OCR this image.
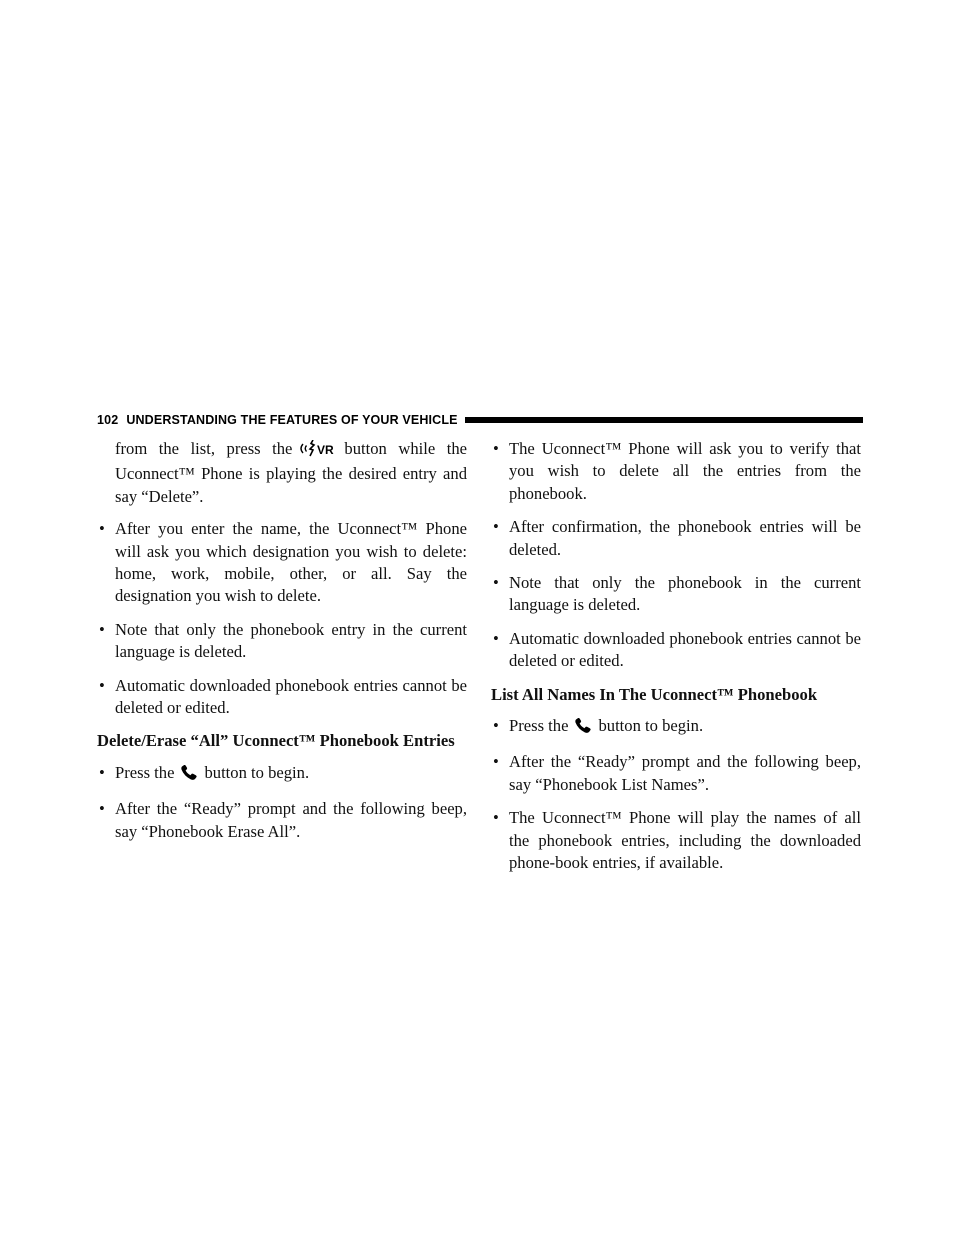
102 UNDERSTANDING THE FEATURES OF YOUR VEHICLE

from the list, press the VR button while the Uconnect™ Phone is playing the desired entry and say “Delete”.

• After you enter the name, the Uconnect™ Phone will ask you which designation you wish to delete: home, work, mobile, other, or all. Say the designation you wish to delete.
• Note that only the phonebook entry in the current language is deleted.
• Automatic downloaded phonebook entries cannot be deleted or edited.
Delete/Erase “All” Uconnect™ Phonebook Entries
• Press the button to begin.
• After the “Ready” prompt and the following beep, say “Phonebook Erase All”.
• The Uconnect™ Phone will ask you to verify that you wish to delete all the entries from the phonebook.
• After confirmation, the phonebook entries will be deleted.
• Note that only the phonebook in the current language is deleted.
• Automatic downloaded phonebook entries cannot be deleted or edited.
List All Names In The Uconnect™ Phonebook
• Press the button to begin.
• After the “Ready” prompt and the following beep, say “Phonebook List Names”.
• The Uconnect™ Phone will play the names of all the phonebook entries, including the downloaded phone-book entries, if available.
